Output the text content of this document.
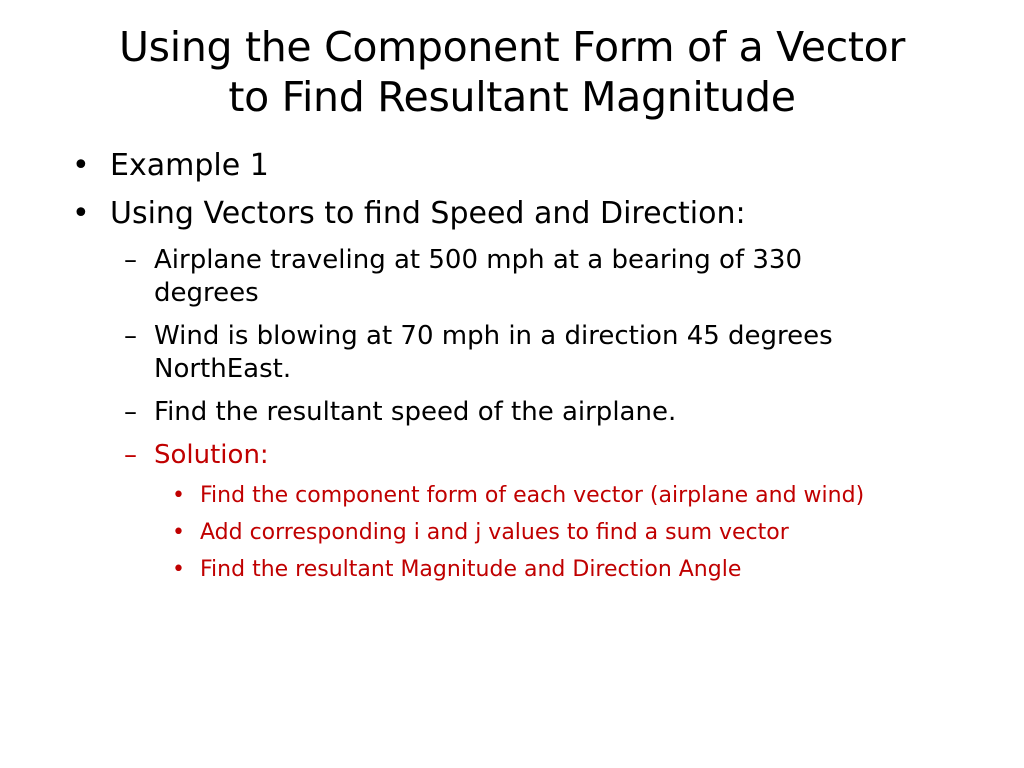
Using the Component Form of a Vector
to Find Resultant Magnitude
• Example 1
• Using Vectors to find Speed and Direction:
– Airplane traveling at 500 mph at a bearing of 330
degrees
– Wind is blowing at 70 mph in a direction 45 degrees
NorthEast.
– Find the resultant speed of the airplane.
– Solution:
• Find the component form of each vector (airplane and wind)
• Add corresponding i and j values to find a sum vector
• Find the resultant Magnitude and Direction Angle
